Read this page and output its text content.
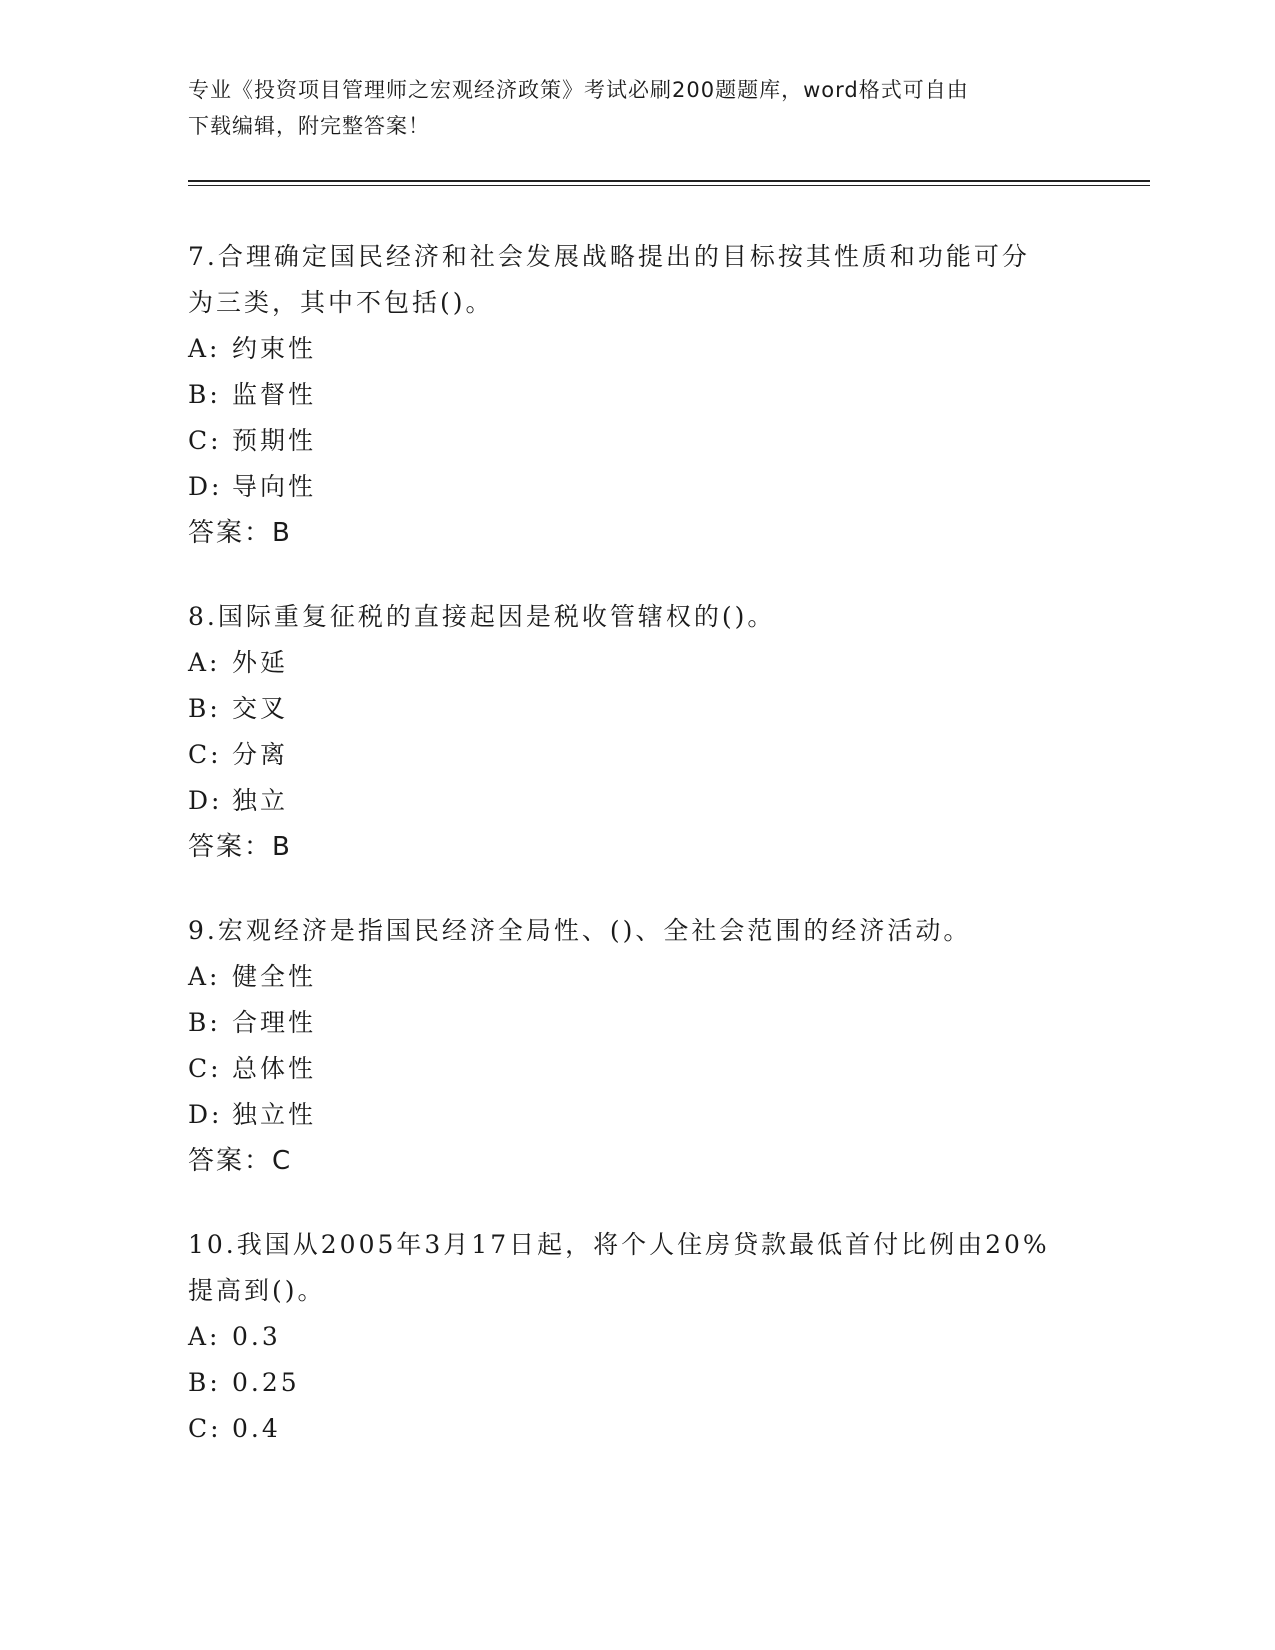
专业《投资项目管理师之宏观经济政策》考试必刷200题题库，word格式可自由
下载编辑，附完整答案！

7.合理确定国民经济和社会发展战略提出的目标按其性质和功能可分
为三类，其中不包括()。

A: 约束性
B: 监督性
C: 预期性
D: 导向性
答案：B

8.国际重复征税的直接起因是税收管辖权的()。

A: 外延
B: 交叉
C: 分离
D: 独立
答案：B

9.宏观经济是指国民经济全局性、()、全社会范围的经济活动。

A: 健全性
B: 合理性
C: 总体性
D: 独立性
答案：C

10.我国从2005年3月17日起，将个人住房贷款最低首付比例由20%
提高到()。

A: 0.3
B: 0.25
C: 0.4
